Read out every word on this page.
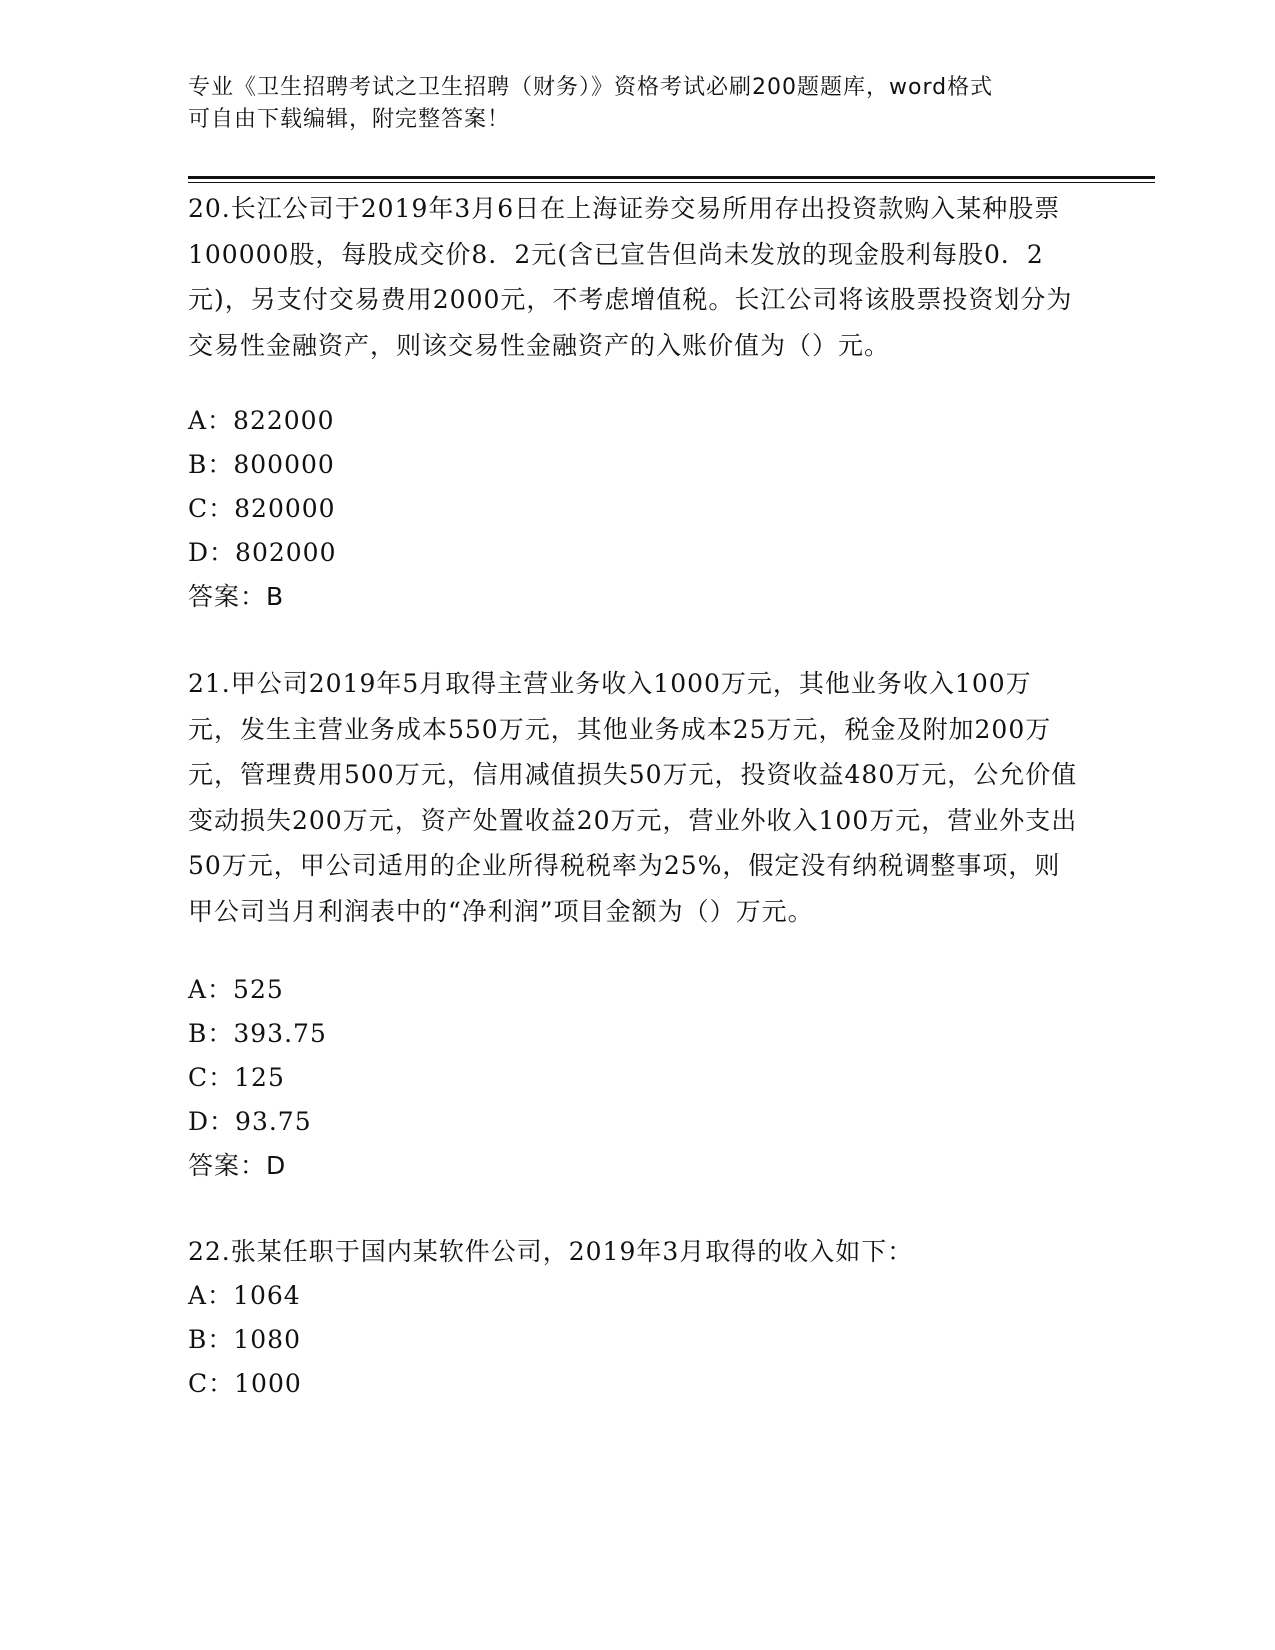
专业《卫生招聘考试之卫生招聘（财务）》资格考试必刷200题题库，word格式
可自由下载编辑，附完整答案！
20.长江公司于2019年3月6日在上海证券交易所用存出投资款购入某种股票100000股，每股成交价8．2元(含已宣告但尚未发放的现金股利每股0．2元)，另支付交易费用2000元，不考虑增值税。长江公司将该股票投资划分为交易性金融资产，则该交易性金融资产的入账价值为（）元。
A：822000
B：800000
C：820000
D：802000
答案：B
21.甲公司2019年5月取得主营业务收入1000万元，其他业务收入100万元，发生主营业务成本550万元，其他业务成本25万元，税金及附加200万元，管理费用500万元，信用减值损失50万元，投资收益480万元，公允价值变动损失200万元，资产处置收益20万元，营业外收入100万元，营业外支出50万元，甲公司适用的企业所得税税率为25%，假定没有纳税调整事项，则甲公司当月利润表中的“净利润”项目金额为（）万元。
A：525
B：393.75
C：125
D：93.75
答案：D
22.张某任职于国内某软件公司，2019年3月取得的收入如下：
A：1064
B：1080
C：1000
